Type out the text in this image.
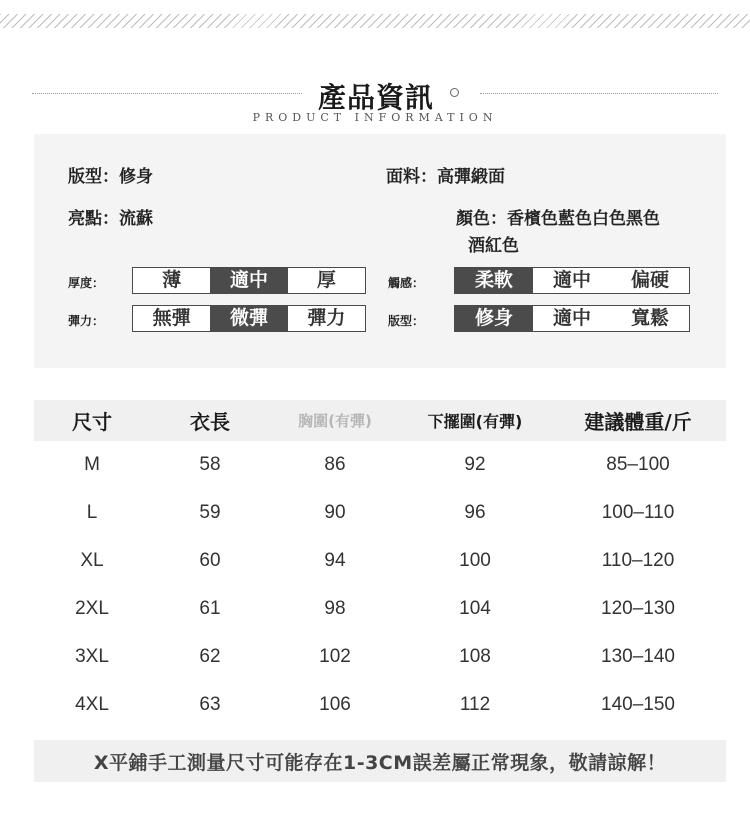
產品資訊
PRODUCT INFORMATION
版型：修身	面料：高彈緞面
亮點：流蘇	顏色：香檳色藍色白色黑色
酒紅色
厚度：	薄	適中	厚
彈力：	無彈	微彈	彈力
觸感：	柔軟	適中	偏硬
版型：	修身	適中	寬鬆
尺寸	衣長	胸圍(有彈)	下擺圍(有彈)	建議體重/斤
M	58	86	92	85–100
L	59	90	96	100–110
XL	60	94	100	110–120
2XL	61	98	104	120–130
3XL	62	102	108	130–140
4XL	63	106	112	140–150
X平鋪手工測量尺寸可能存在1-3CM誤差屬正常現象，敬請諒解！
